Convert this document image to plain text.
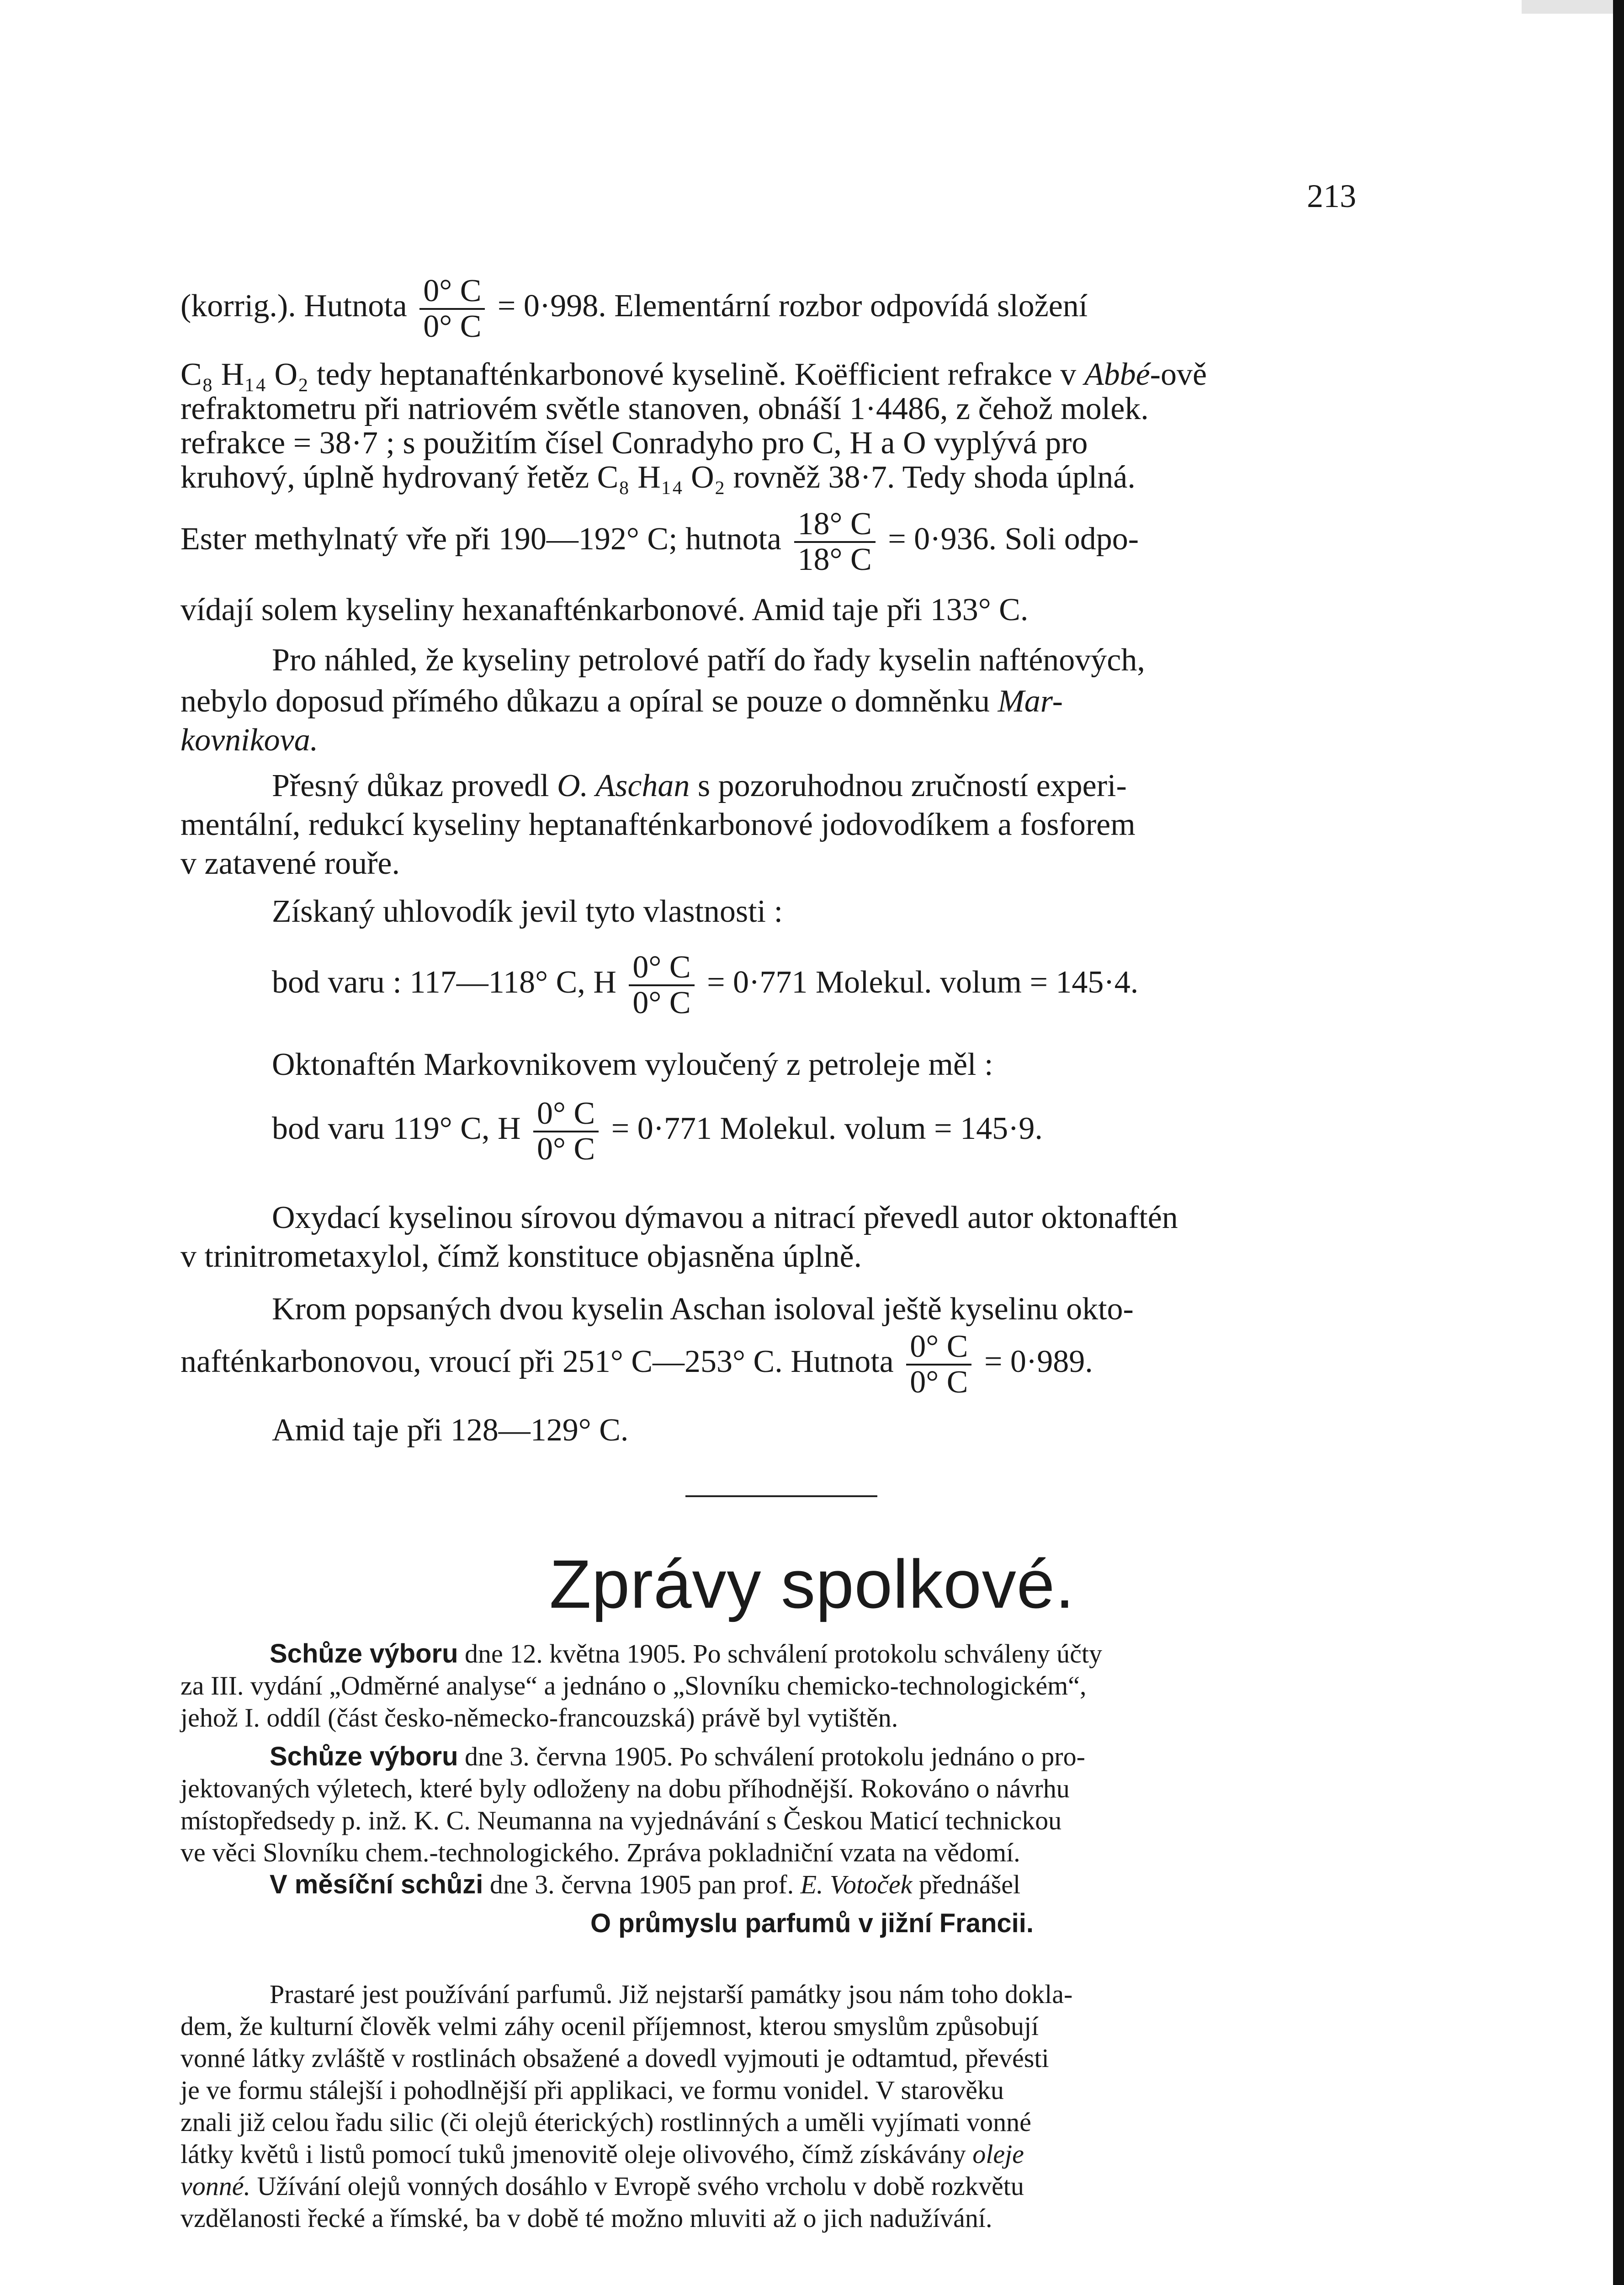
213
(korrig.). Hutnota $\frac{0^\circ C}{0^\circ C} = 0\cdot 998$. Elementární rozbor odpovídá složení
C₈ H₁₄ O₂ tedy heptanafténkarbonové kyselině. Koëfficient refrakce v Abbé-ově
refraktometru při natriovém světle stanoven, obnáší 1·4486, z čehož molek.
refrakce = 38·7 ; s použitím čísel Conradyho pro C, H a O vyplývá pro
kruhový, úplně hydrovaný řetěz C₈ H₁₄ O₂ rovněž 38·7. Tedy shoda úplná.
Ester methylnatý vře při 190—192° C; hutnota $\frac{18^\circ C}{18^\circ C} = 0\cdot 936$. Soli odpo-
vídají solem kyseliny hexanafténkarbonové. Amid taje při 133° C.
Pro náhled, že kyseliny petrolové patří do řady kyselin nafténových,
nebylo doposud přímého důkazu a opíral se pouze o domněnku Mar-
kovnikova.
Přesný důkaz provedl O. Aschan s pozoruhodnou zručností experi-
mentální, redukcí kyseliny heptanafténkarbonové jodovodíkem a fosforem
v zatavené rouře.
Získaný uhlovodík jevil tyto vlastnosti :
bod varu : 117—118° C, H $\frac{0^\circ C}{0^\circ C} = 0\cdot 771$ Molekul. volum = 145·4.
Oktonaftén Markovnikovem vyloučený z petroleje měl :
bod varu 119° C, H $\frac{0^\circ C}{0^\circ C} = 0\cdot 771$ Molekul. volum = 145·9.
Oxydací kyselinou sírovou dýmavou a nitrací převedl autor oktonaftén
v trinitrometaxylol, čímž konstituce objasněna úplně.
Krom popsaných dvou kyselin Aschan isoloval ještě kyselinu okto-
nafténkarbonovou, vroucí při 251° C—253° C. Hutnota $\frac{0^\circ C}{0^\circ C} = 0\cdot 989$.
Amid taje při 128—129° C.
Zprávy spolkové.
Schůze výboru dne 12. května 1905. Po schválení protokolu schváleny účty
za III. vydání „Odměrné analyse“ a jednáno o „Slovníku chemicko-technologickém“,
jehož I. oddíl (část česko-německo-francouzská) právě byl vytištěn.
Schůze výboru dne 3. června 1905. Po schválení protokolu jednáno o pro-
jektovaných výletech, které byly odloženy na dobu příhodnější. Rokováno o návrhu
místopředsedy p. inž. K. C. Neumanna na vyjednávání s Českou Maticí technickou
ve věci Slovníku chem.-technologického. Zpráva pokladniční vzata na vědomí.
V měsíční schůzi dne 3. června 1905 pan prof. E. Votoček přednášel
O průmyslu parfumů v jižní Francii.
Prastaré jest používání parfumů. Již nejstarší památky jsou nám toho dokla-
dem, že kulturní člověk velmi záhy ocenil příjemnost, kterou smyslům způsobují
vonné látky zvláště v rostlinách obsažené a dovedl vyjmouti je odtamtud, převésti
je ve formu stálejší i pohodlnější při applikaci, ve formu vonidel. V starověku
znali již celou řadu silic (či olejů éterických) rostlinných a uměli vyjímati vonné
látky květů i listů pomocí tuků jmenovitě oleje olivového, čímž získávány oleje
vonné. Užívání olejů vonných dosáhlo v Evropě svého vrcholu v době rozkvětu
vzdělanosti řecké a římské, ba v době té možno mluviti až o jich nadužívání.
